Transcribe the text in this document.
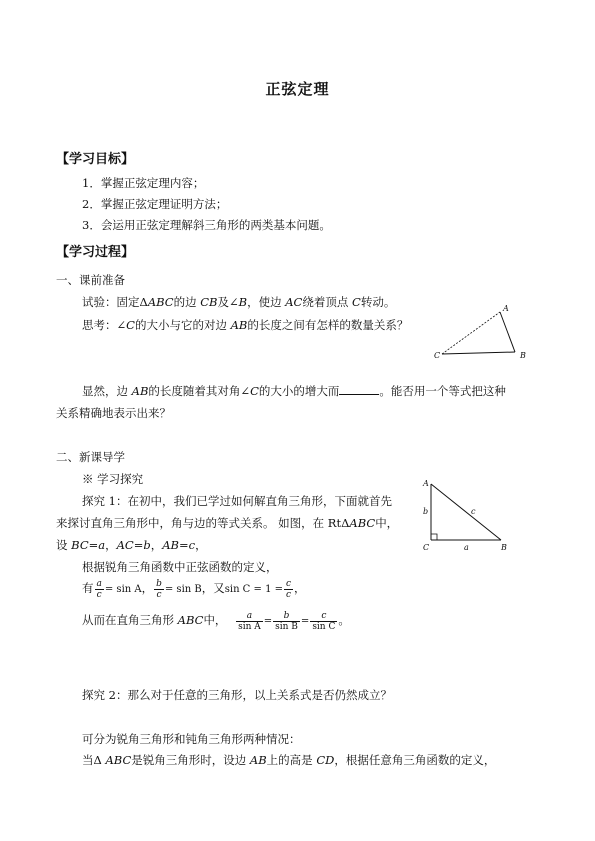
正弦定理
【学习目标】
1．掌握正弦定理内容；
2．掌握正弦定理证明方法；
3．会运用正弦定理解斜三角形的两类基本问题。
【学习过程】
一、课前准备
试验：固定ΔABC的边 CB及∠B，使边 AC绕着顶点 C转动。
思考：∠C的大小与它的对边 AB的长度之间有怎样的数量关系？
A
C	B
显然，边 AB的长度随着其对角∠C的大小的增大而	。能否用一个等式把这种
关系精确地表示出来？
二、新课导学
※ 学习探究
探究 1：在初中，我们已学过如何解直角三角形，下面就首先
来探讨直角三角形中，角与边的等式关系。 如图，在 RtΔABC中，
设 BC=a，AC=b，AB=c，
A
C	B
a
b	c
根据锐角三角函数中正弦函数的定义，
有 $\frac{a}{c} = \sin A$， $\frac{b}{c} = \sin B$，又$\sin C = 1 = \frac{c}{c}$ ，
从而在直角三角形 ABC中， $\frac{a}{\text{sin A}} = \frac{b}{\text{sin B}} = \frac{c}{\text{sin C}}$ 。
探究 2：那么对于任意的三角形，以上关系式是否仍然成立？
可分为锐角三角形和钝角三角形两种情况：
当Δ ABC是锐角三角形时，设边 AB上的高是 CD，根据任意角三角函数的定义，
